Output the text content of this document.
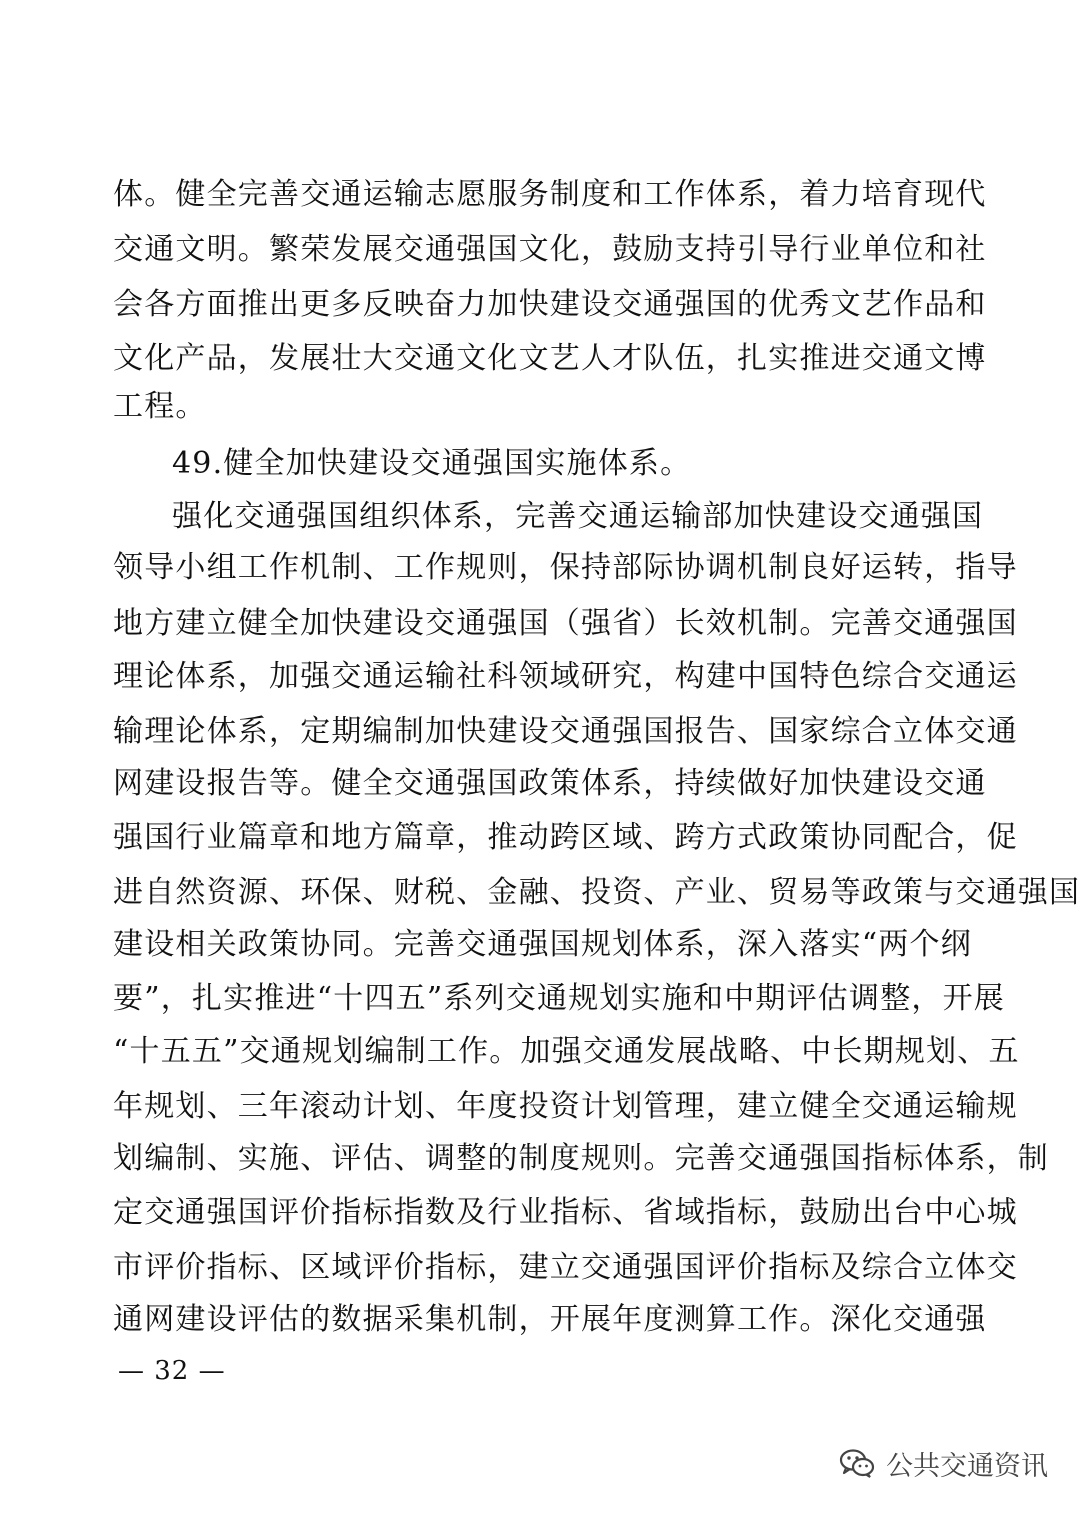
体。健全完善交通运输志愿服务制度和工作体系，着力培育现代
交通文明。繁荣发展交通强国文化，鼓励支持引导行业单位和社
会各方面推出更多反映奋力加快建设交通强国的优秀文艺作品和
文化产品，发展壮大交通文化文艺人才队伍，扎实推进交通文博
工程。
49.健全加快建设交通强国实施体系。
强化交通强国组织体系，完善交通运输部加快建设交通强国
领导小组工作机制、工作规则，保持部际协调机制良好运转，指导
地方建立健全加快建设交通强国（强省）长效机制。完善交通强国
理论体系，加强交通运输社科领域研究，构建中国特色综合交通运
输理论体系，定期编制加快建设交通强国报告、国家综合立体交通
网建设报告等。健全交通强国政策体系，持续做好加快建设交通
强国行业篇章和地方篇章，推动跨区域、跨方式政策协同配合，促
进自然资源、环保、财税、金融、投资、产业、贸易等政策与交通强国
建设相关政策协同。完善交通强国规划体系，深入落实“两个纲
要”，扎实推进“十四五”系列交通规划实施和中期评估调整，开展
“十五五”交通规划编制工作。加强交通发展战略、中长期规划、五
年规划、三年滚动计划、年度投资计划管理，建立健全交通运输规
划编制、实施、评估、调整的制度规则。完善交通强国指标体系，制
定交通强国评价指标指数及行业指标、省域指标，鼓励出台中心城
市评价指标、区域评价指标，建立交通强国评价指标及综合立体交
通网建设评估的数据采集机制，开展年度测算工作。深化交通强
— 32 —
公共交通资讯
